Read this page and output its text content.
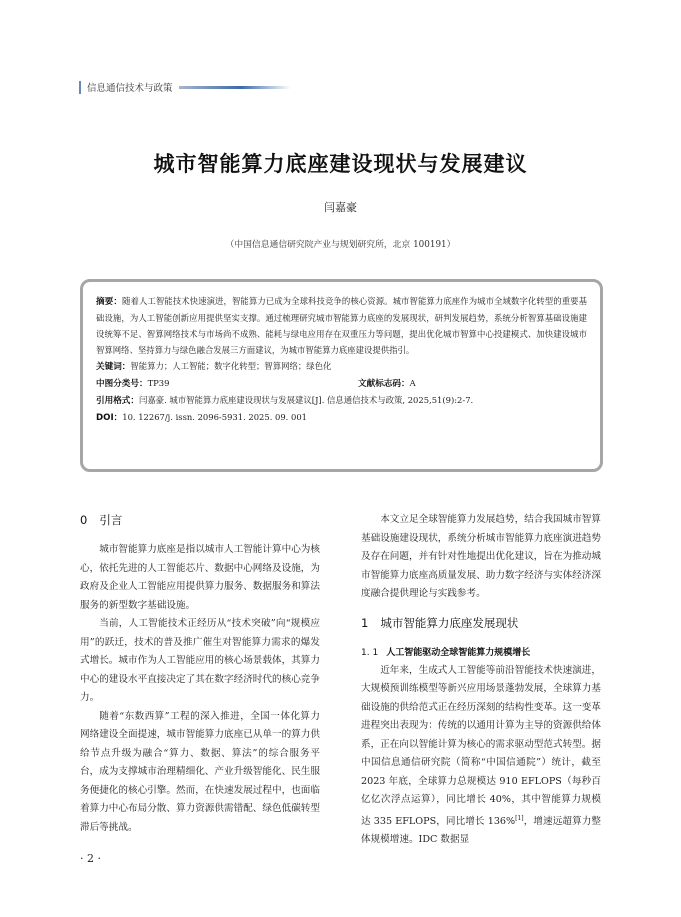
信息通信技术与政策
城市智能算力底座建设现状与发展建议
闫嘉豪
（中国信息通信研究院产业与规划研究所，北京 100191）

摘要：随着人工智能技术快速演进，智能算力已成为全球科技竞争的核心资源。城市智能算力底座作为城市全域数字化转型的重要基础设施，为人工智能创新应用提供坚实支撑。通过梳理研究城市智能算力底座的发展现状，研判发展趋势，系统分析智算基础设施建设统筹不足、智算网络技术与市场尚不成熟、能耗与绿电应用存在双重压力等问题，提出优化城市智算中心投建模式、加快建设城市智算网络、坚持算力与绿色融合发展三方面建议，为城市智能算力底座建设提供指引。

关键词：智能算力；人工智能；数字化转型；智算网络；绿色化

中图分类号：TP39	文献标志码：A

引用格式：闫嘉豪. 城市智能算力底座建设现状与发展建议[J]. 信息通信技术与政策, 2025,51(9):2-7.

DOI：10. 12267/j. issn. 2096-5931. 2025. 09. 001

0 引言

城市智能算力底座是指以城市人工智能计算中心为核心，依托先进的人工智能芯片、数据中心网络及设施，为政府及企业人工智能应用提供算力服务、数据服务和算法服务的新型数字基础设施。

当前，人工智能技术正经历从“技术突破”向“规模应用”的跃迁，技术的普及推广催生对智能算力需求的爆发式增长。城市作为人工智能应用的核心场景载体，其算力中心的建设水平直接决定了其在数字经济时代的核心竞争力。

随着“东数西算”工程的深入推进，全国一体化算力网络建设全面提速，城市智能算力底座已从单一的算力供给节点升级为融合“算力、数据、算法”的综合服务平台，成为支撑城市治理精细化、产业升级智能化、民生服务便捷化的核心引擎。然而，在快速发展过程中，也面临着算力中心布局分散、算力资源供需错配、绿色低碳转型滞后等挑战。

本文立足全球智能算力发展趋势，结合我国城市智算基础设施建设现状，系统分析城市智能算力底座演进趋势及存在问题，并有针对性地提出优化建议，旨在为推动城市智能算力底座高质量发展、助力数字经济与实体经济深度融合提供理论与实践参考。

1 城市智能算力底座发展现状
1. 1 人工智能驱动全球智能算力规模增长

近年来，生成式人工智能等前沿智能技术快速演进，大规模预训练模型等新兴应用场景蓬勃发展，全球算力基础设施的供给范式正在经历深刻的结构性变革。这一变革进程突出表现为：传统的以通用计算为主导的资源供给体系，正在向以智能计算为核心的需求驱动型范式转型。据中国信息通信研究院（简称“中国信通院”）统计，截至 2023 年底，全球算力总规模达 910 EFLOPS（每秒百亿亿次浮点运算），同比增长 40%，其中智能算力规模达 335 EFLOPS，同比增长 136%[1]，增速远超算力整体规模增速。IDC 数据显

· 2 ·
